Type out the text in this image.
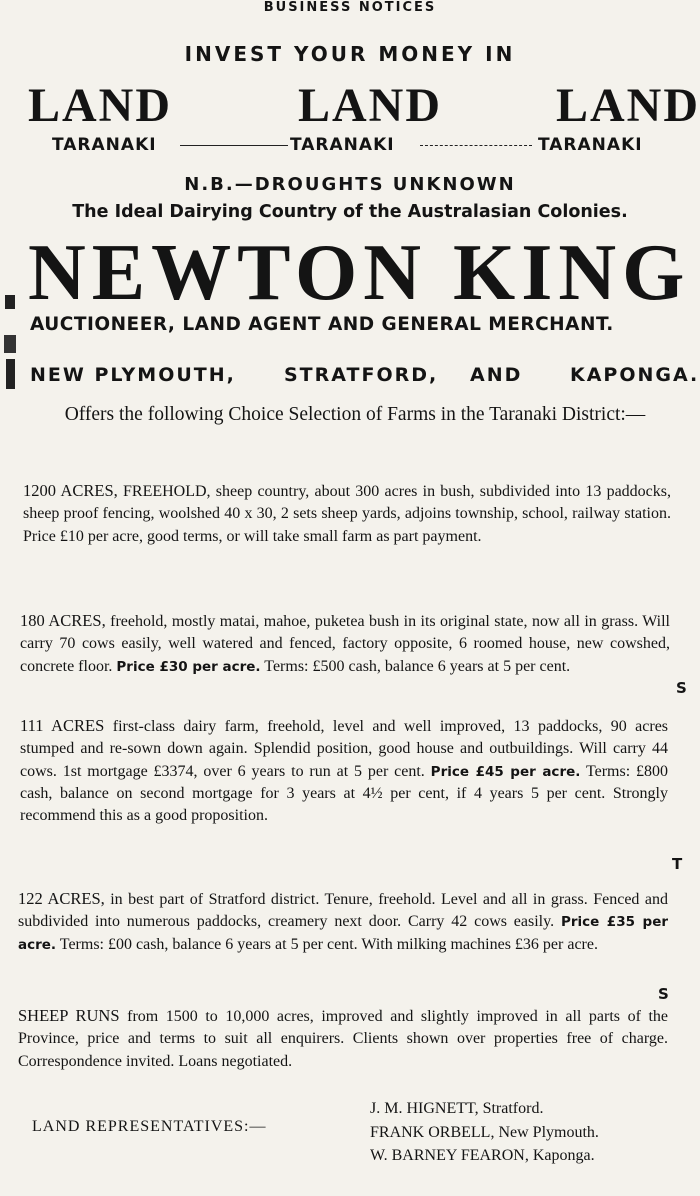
BUSINESS NOTICES
INVEST YOUR MONEY IN
LAND	LAND LAND
TARANAKI	TARANAKI	TARANAKI
N.B.—DROUGHTS UNKNOWN
The Ideal Dairying Country of the Australasian Colonies.
NEWTON KING
AUCTIONEER, LAND AGENT AND GENERAL MERCHANT.
NEW PLYMOUTH,	STRATFORD, AND	KAPONGA.
Offers the following Choice Selection of Farms in the Taranaki District:—
1200 ACRES, FREEHOLD, sheep country, about 300 acres in bush, subdivided into 13 paddocks, sheep proof fencing, woolshed 40 x 30, 2 sets sheep yards, adjoins township, school, railway station. Price £10 per acre, good terms, or will take small farm as part payment.
180 ACRES, freehold, mostly matai, mahoe, puketea bush in its original state, now all in grass. Will carry 70 cows easily, well watered and fenced, factory opposite, 6 roomed house, new cowshed, concrete floor. Price £30 per acre. Terms: £500 cash, balance 6 years at 5 per cent.
111 ACRES first-class dairy farm, freehold, level and well improved, 13 paddocks, 90 acres stumped and re-sown down again. Splendid position, good house and outbuildings. Will carry 44 cows. 1st mortgage £3374, over 6 years to run at 5 per cent. Price £45 per acre. Terms: £800 cash, balance on second mortgage for 3 years at 4½ per cent, if 4 years 5 per cent. Strongly recommend this as a good proposition.
122 ACRES, in best part of Stratford district. Tenure, freehold. Level and all in grass. Fenced and subdivided into numerous paddocks, creamery next door. Carry 42 cows easily. Price £35 per acre. Terms: £00 cash, balance 6 years at 5 per cent. With milking machines £36 per acre.
SHEEP RUNS from 1500 to 10,000 acres, improved and slightly improved in all parts of the Province, price and terms to suit all enquirers. Clients shown over properties free of charge. Correspondence invited. Loans negotiated.
S
T
S
LAND REPRESENTATIVES:—
J. M. HIGNETT, Stratford.
FRANK ORBELL, New Plymouth.
W. BARNEY FEARON, Kaponga.
